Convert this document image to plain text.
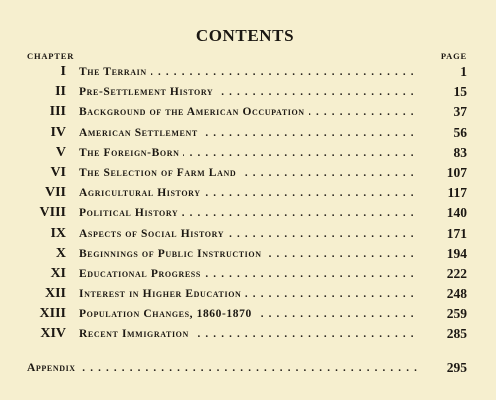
CONTENTS
CHAPTER	PAGE
I The Terrain . . .	1
II Pre-Settlement History . . .	15
III Background of the American Occupation . . .	37
IV American Settlement . . .	56
V The Foreign-Born . . .	83
VI The Selection of Farm Land . . .	107
VII Agricultural History . . .	117
VIII Political History . . .	140
IX Aspects of Social History . . .	171
X Beginnings of Public Instruction . . .	194
XI Educational Progress . . .	222
XII Interest in Higher Education . . .	248
XIII Population Changes, 1860-1870 . . .	259
XIV Recent Immigration . . .	285
Appendix . . .	295
